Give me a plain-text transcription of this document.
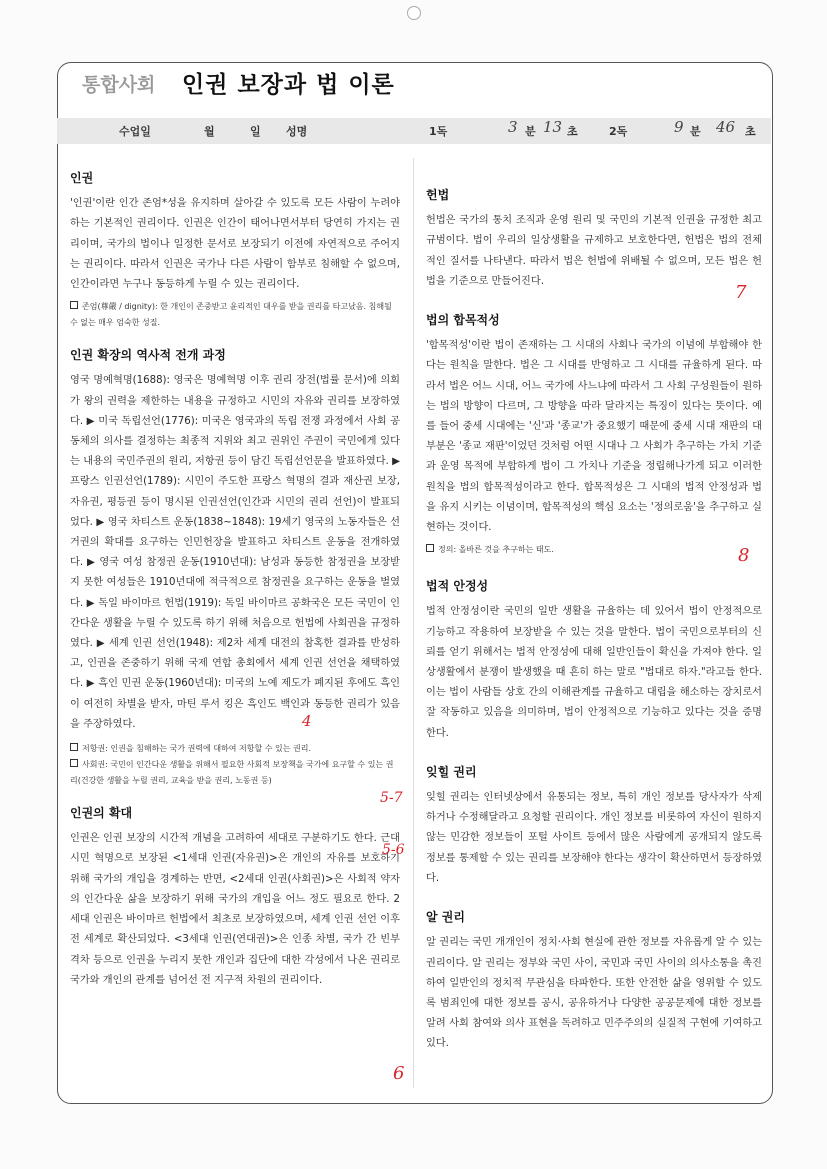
통합사회 인권 보장과 법 이론
수업일	월	일 성명	1독	3 분 13 초	2독	9 분 46 초
인권

'인권'이란 인간 존엄*성을 유지하며 살아갈 수 있도록 모든 사람이 누려야 하는 기본적인 권리이다. 인권은 인간이 태어나면서부터 당연히 가지는 권리이며, 국가의 법이나 일정한 문서로 보장되기 이전에 자연적으로 주어지는 권리이다. 따라서 인권은 국가나 다른 사람이 함부로 침해할 수 없으며, 인간이라면 누구나 동등하게 누릴 수 있는 권리이다.

존엄(尊嚴 / dignity): 한 개인이 존중받고 윤리적인 대우를 받을 권리를 타고났음. 침해될 수 없는 매우 엄숙한 성질.
인권 확장의 역사적 전개 과정

영국 명예혁명(1688): 영국은 명예혁명 이후 권리 장전(법률 문서)에 의회가 왕의 권력을 제한하는 내용을 규정하고 시민의 자유와 권리를 보장하였다. ▶ 미국 독립선언(1776): 미국은 영국과의 독립 전쟁 과정에서 사회 공동체의 의사를 결정하는 최종적 지위와 최고 권위인 주권이 국민에게 있다는 내용의 국민주권의 원리, 저항권 등이 담긴 독립선언문을 발표하였다. ▶ 프랑스 인권선언(1789): 시민이 주도한 프랑스 혁명의 결과 재산권 보장, 자유권, 평등권 등이 명시된 인권선언(인간과 시민의 권리 선언)이 발표되었다. ▶ 영국 차티스트 운동(1838~1848): 19세기 영국의 노동자들은 선거권의 확대를 요구하는 인민헌장을 발표하고 차티스트 운동을 전개하였다. ▶ 영국 여성 참정권 운동(1910년대): 남성과 동등한 참정권을 보장받지 못한 여성들은 1910년대에 적극적으로 참정권을 요구하는 운동을 벌였다. ▶ 독일 바이마르 헌법(1919): 독일 바이마르 공화국은 모든 국민이 인간다운 생활을 누릴 수 있도록 하기 위해 처음으로 헌법에 사회권을 규정하였다. ▶ 세계 인권 선언(1948): 제2차 세계 대전의 참혹한 결과를 반성하고, 인권을 존중하기 위해 국제 연합 총회에서 세계 인권 선언을 채택하였다. ▶ 흑인 민권 운동(1960년대): 미국의 노예 제도가 폐지된 후에도 흑인이 여전히 차별을 받자, 마틴 루서 킹은 흑인도 백인과 동등한 권리가 있음을 주장하였다.

저항권: 인권을 침해하는 국가 권력에 대하여 저항할 수 있는 권리.
사회권: 국민이 인간다운 생활을 위해서 필요한 사회적 보장책을 국가에 요구할 수 있는 권리(건강한 생활을 누릴 권리, 교육을 받을 권리, 노동권 등)
인권의 확대

인권은 인권 보장의 시간적 개념을 고려하여 세대로 구분하기도 한다. 근대 시민 혁명으로 보장된 <1세대 인권(자유권)>은 개인의 자유를 보호하기 위해 국가의 개입을 경계하는 반면, <2세대 인권(사회권)>은 사회적 약자의 인간다운 삶을 보장하기 위해 국가의 개입을 어느 정도 필요로 한다. 2세대 인권은 바이마르 헌법에서 최초로 보장하였으며, 세계 인권 선언 이후 전 세계로 확산되었다. <3세대 인권(연대권)>은 인종 차별, 국가 간 빈부 격차 등으로 인권을 누리지 못한 개인과 집단에 대한 각성에서 나온 권리로 국가와 개인의 관계를 넘어선 전 지구적 차원의 권리이다.

헌법

헌법은 국가의 통치 조직과 운영 원리 및 국민의 기본적 인권을 규정한 최고 규범이다. 법이 우리의 일상생활을 규제하고 보호한다면, 헌법은 법의 전체적인 질서를 나타낸다. 따라서 법은 헌법에 위배될 수 없으며, 모든 법은 헌법을 기준으로 만들어진다.

법의 합목적성

'합목적성'이란 법이 존재하는 그 시대의 사회나 국가의 이념에 부합해야 한다는 원칙을 말한다. 법은 그 시대를 반영하고 그 시대를 규율하게 된다. 따라서 법은 어느 시대, 어느 국가에 사느냐에 따라서 그 사회 구성원들이 원하는 법의 방향이 다르며, 그 방향을 따라 달라지는 특징이 있다는 뜻이다. 예를 들어 중세 시대에는 '신'과 '종교'가 중요했기 때문에 중세 시대 재판의 대부분은 '종교 재판'이었던 것처럼 어떤 시대나 그 사회가 추구하는 가치 기준과 운영 목적에 부합하게 법이 그 가치나 기준을 정립해나가게 되고 이러한 원칙을 법의 합목적성이라고 한다. 합목적성은 그 시대의 법적 안정성과 법을 유지 시키는 이념이며, 합목적성의 핵심 요소는 '정의로움'을 추구하고 실현하는 것이다.

정의: 올바른 것을 추구하는 태도.
법적 안정성

법적 안정성이란 국민의 일반 생활을 규율하는 데 있어서 법이 안정적으로 기능하고 작용하여 보장받을 수 있는 것을 말한다. 법이 국민으로부터의 신뢰를 얻기 위해서는 법적 안정성에 대해 일반인들이 확신을 가져야 한다. 일상생활에서 분쟁이 발생했을 때 흔히 하는 말로 "법대로 하자."라고들 한다. 이는 법이 사람들 상호 간의 이해관계를 규율하고 대립을 해소하는 장치로서 잘 작동하고 있음을 의미하며, 법이 안정적으로 기능하고 있다는 것을 증명한다.

잊힐 권리

잊힐 권리는 인터넷상에서 유통되는 정보, 특히 개인 정보를 당사자가 삭제하거나 수정해달라고 요청할 권리이다. 개인 정보를 비롯하여 자신이 원하지 않는 민감한 정보들이 포털 사이트 등에서 많은 사람에게 공개되지 않도록 정보를 통제할 수 있는 권리를 보장해야 한다는 생각이 확산하면서 등장하였다.

알 권리

알 권리는 국민 개개인이 정치·사회 현실에 관한 정보를 자유롭게 알 수 있는 권리이다. 알 권리는 정부와 국민 사이, 국민과 국민 사이의 의사소통을 촉진하여 일반인의 정치적 무관심을 타파한다. 또한 안전한 삶을 영위할 수 있도록 범죄인에 대한 정보를 공시, 공유하거나 다양한 공공문제에 대한 정보를 알려 사회 참여와 의사 표현을 독려하고 민주주의의 실질적 구현에 기여하고 있다.

7
8
5-7
5-6
6
4
